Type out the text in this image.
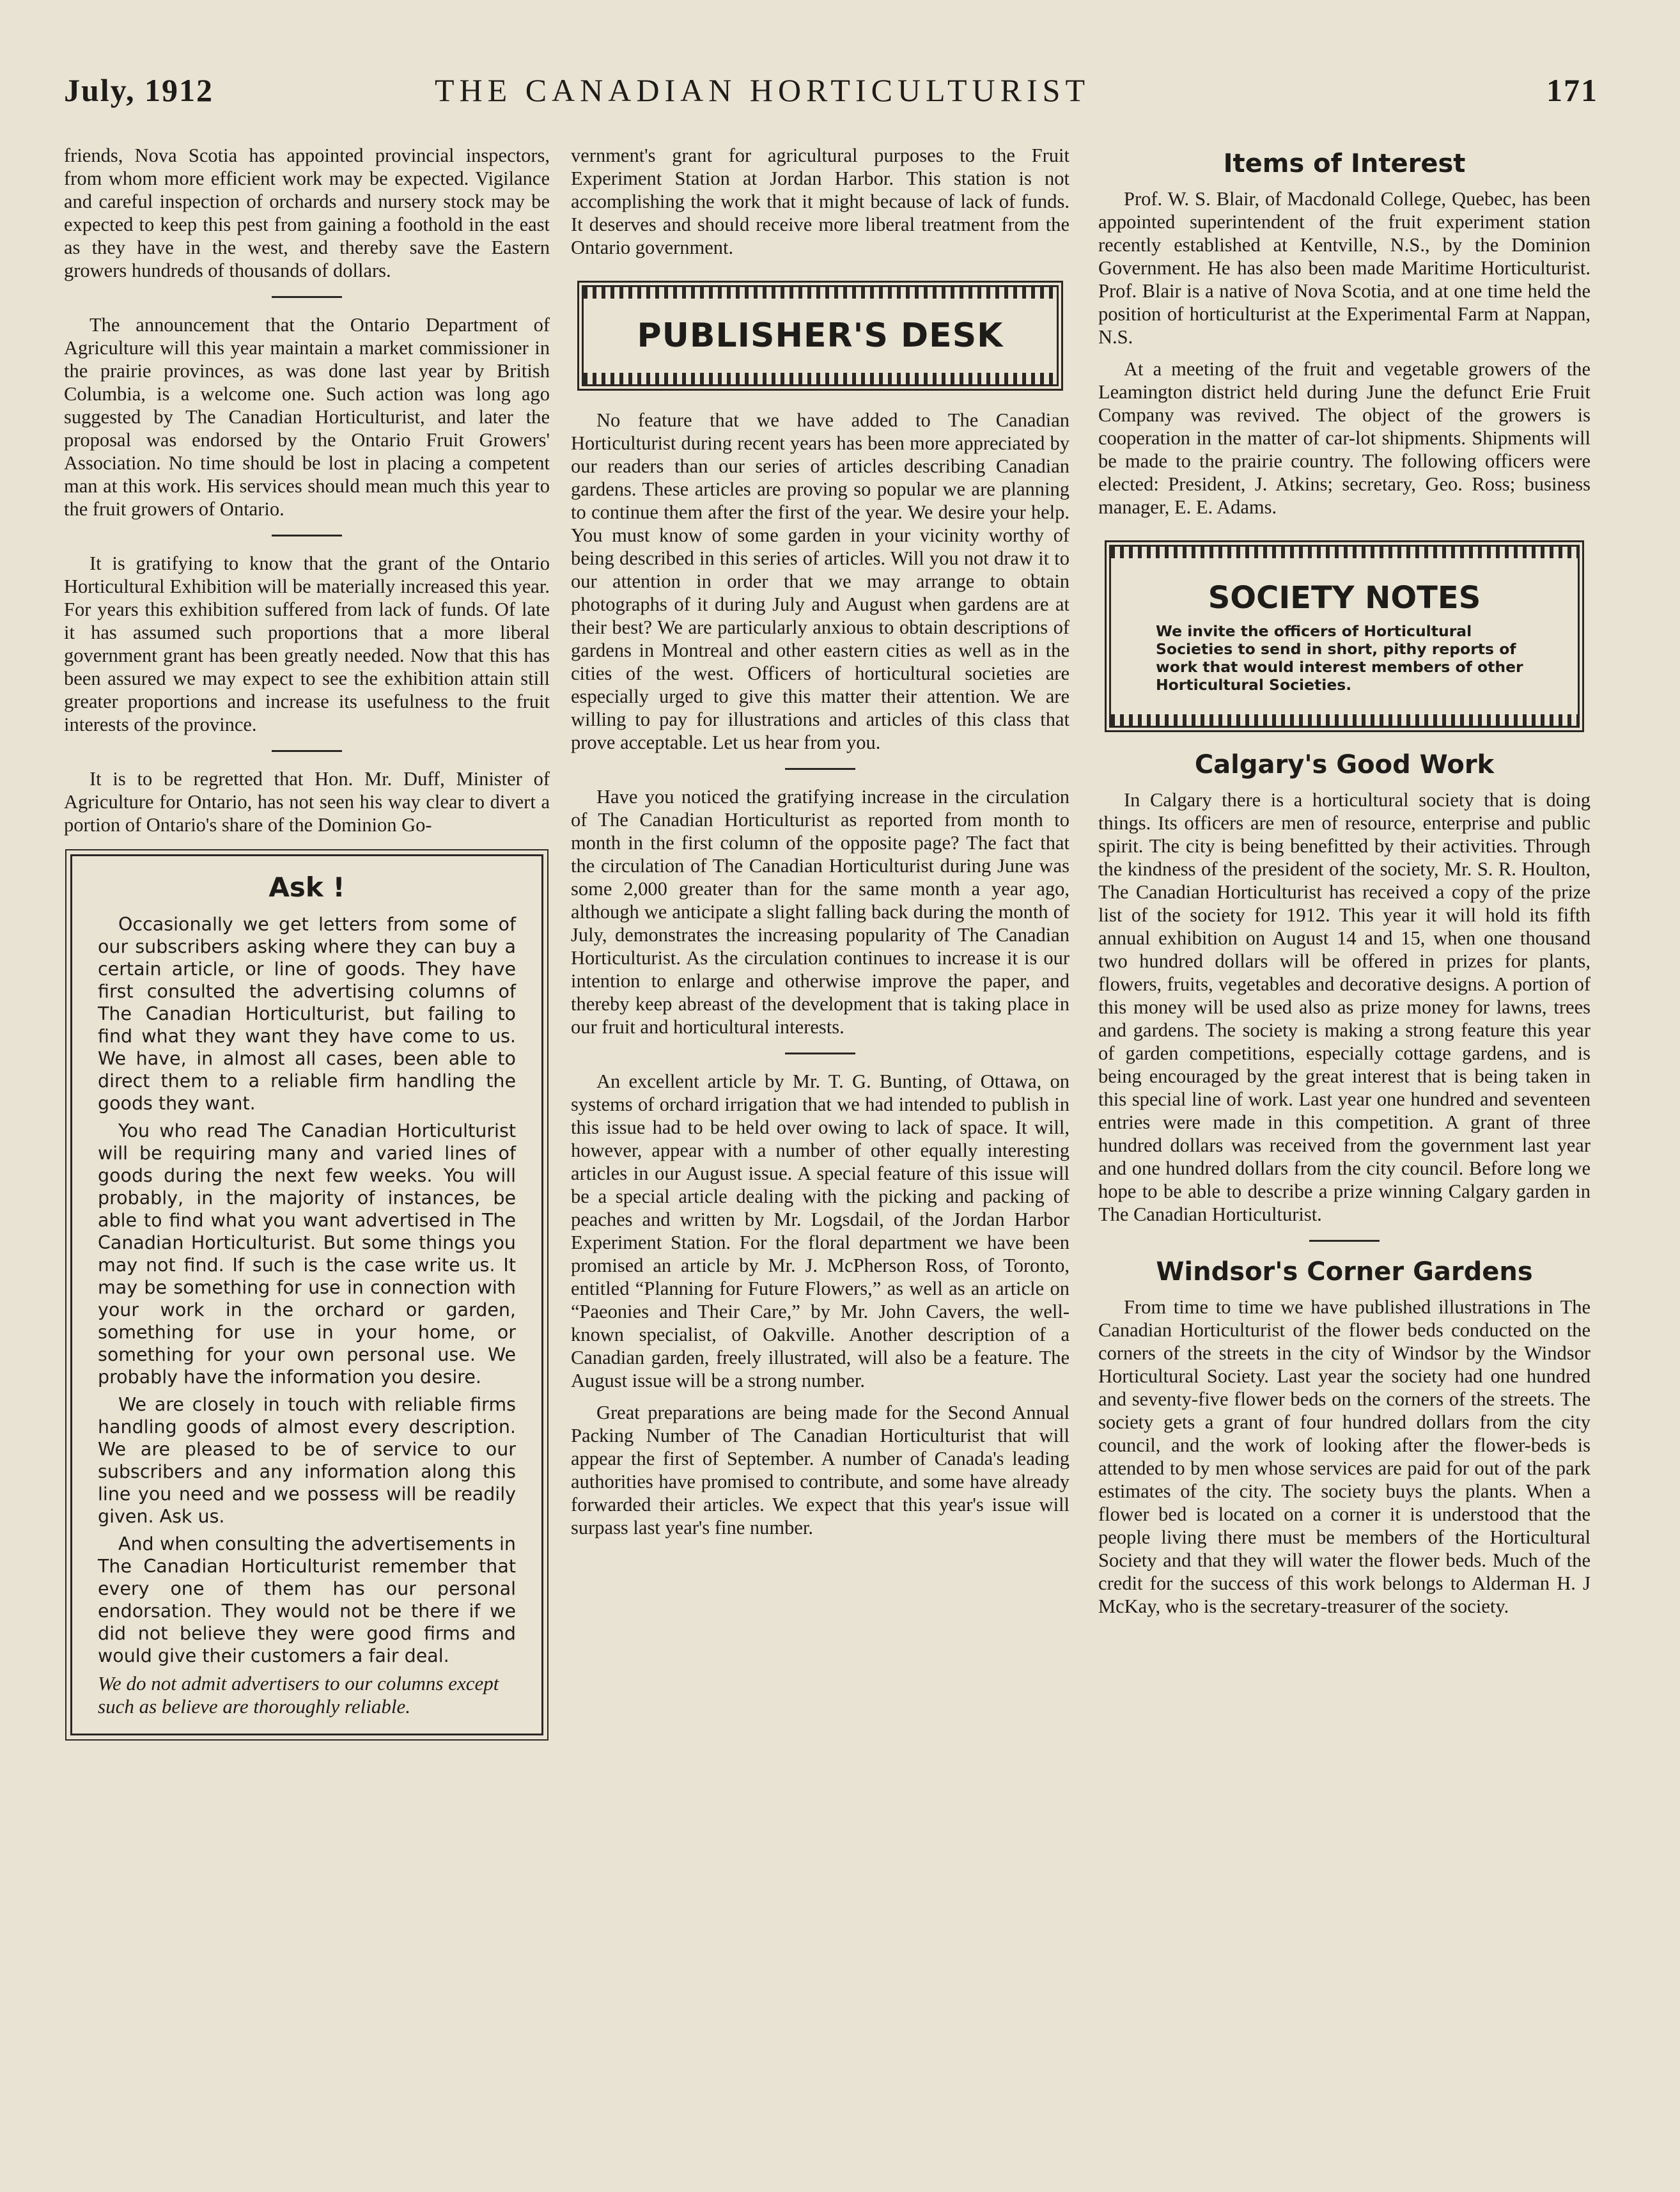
July, 1912	THE CANADIAN HORTICULTURIST	171

friends, Nova Scotia has appointed provincial inspectors, from whom more efficient work may be expected. Vigilance and careful inspection of orchards and nursery stock may be expected to keep this pest from gaining a foothold in the east as they have in the west, and thereby save the Eastern growers hundreds of thousands of dollars.

The announcement that the Ontario Department of Agriculture will this year maintain a market commissioner in the prairie provinces, as was done last year by British Columbia, is a welcome one. Such action was long ago suggested by The Canadian Horticulturist, and later the proposal was endorsed by the Ontario Fruit Growers' Association. No time should be lost in placing a competent man at this work. His services should mean much this year to the fruit growers of Ontario.

It is gratifying to know that the grant of the Ontario Horticultural Exhibition will be materially increased this year. For years this exhibition suffered from lack of funds. Of late it has assumed such proportions that a more liberal government grant has been greatly needed. Now that this has been assured we may expect to see the exhibition attain still greater proportions and increase its usefulness to the fruit interests of the province.

It is to be regretted that Hon. Mr. Duff, Minister of Agriculture for Ontario, has not seen his way clear to divert a portion of Ontario's share of the Dominion Go-

Ask !

Occasionally we get letters from some of our subscribers asking where they can buy a certain article, or line of goods. They have first consulted the advertising columns of The Canadian Horticulturist, but failing to find what they want they have come to us. We have, in almost all cases, been able to direct them to a reliable firm handling the goods they want.

You who read The Canadian Horticulturist will be requiring many and varied lines of goods during the next few weeks. You will probably, in the majority of instances, be able to find what you want advertised in The Canadian Horticulturist. But some things you may not find. If such is the case write us. It may be something for use in connection with your work in the orchard or garden, something for use in your home, or something for your own personal use. We probably have the information you desire.

We are closely in touch with reliable firms handling goods of almost every description. We are pleased to be of service to our subscribers and any information along this line you need and we possess will be readily given. Ask us.

And when consulting the advertisements in The Canadian Horticulturist remember that every one of them has our personal endorsation. They would not be there if we did not believe they were good firms and would give their customers a fair deal.

We do not admit advertisers to our columns except such as believe are thoroughly reliable.

vernment's grant for agricultural purposes to the Fruit Experiment Station at Jordan Harbor. This station is not accomplishing the work that it might because of lack of funds. It deserves and should receive more liberal treatment from the Ontario government.

PUBLISHER'S DESK

No feature that we have added to The Canadian Horticulturist during recent years has been more appreciated by our readers than our series of articles describing Canadian gardens. These articles are proving so popular we are planning to continue them after the first of the year. We desire your help. You must know of some garden in your vicinity worthy of being described in this series of articles. Will you not draw it to our attention in order that we may arrange to obtain photographs of it during July and August when gardens are at their best? We are particularly anxious to obtain descriptions of gardens in Montreal and other eastern cities as well as in the cities of the west. Officers of horticultural societies are especially urged to give this matter their attention. We are willing to pay for illustrations and articles of this class that prove acceptable. Let us hear from you.

Have you noticed the gratifying increase in the circulation of The Canadian Horticulturist as reported from month to month in the first column of the opposite page? The fact that the circulation of The Canadian Horticulturist during June was some 2,000 greater than for the same month a year ago, although we anticipate a slight falling back during the month of July, demonstrates the increasing popularity of The Canadian Horticulturist. As the circulation continues to increase it is our intention to enlarge and otherwise improve the paper, and thereby keep abreast of the development that is taking place in our fruit and horticultural interests.

An excellent article by Mr. T. G. Bunting, of Ottawa, on systems of orchard irrigation that we had intended to publish in this issue had to be held over owing to lack of space. It will, however, appear with a number of other equally interesting articles in our August issue. A special feature of this issue will be a special article dealing with the picking and packing of peaches and written by Mr. Logsdail, of the Jordan Harbor Experiment Station. For the floral department we have been promised an article by Mr. J. McPherson Ross, of Toronto, entitled “Planning for Future Flowers,” as well as an article on “Paeonies and Their Care,” by Mr. John Cavers, the well-known specialist, of Oakville. Another description of a Canadian garden, freely illustrated, will also be a feature. The August issue will be a strong number.

Great preparations are being made for the Second Annual Packing Number of The Canadian Horticulturist that will appear the first of September. A number of Canada's leading authorities have promised to contribute, and some have already forwarded their articles. We expect that this year's issue will surpass last year's fine number.

Items of Interest

Prof. W. S. Blair, of Macdonald College, Quebec, has been appointed superintendent of the fruit experiment station recently established at Kentville, N.S., by the Dominion Government. He has also been made Maritime Horticulturist. Prof. Blair is a native of Nova Scotia, and at one time held the position of horticulturist at the Experimental Farm at Nappan, N.S.

At a meeting of the fruit and vegetable growers of the Leamington district held during June the defunct Erie Fruit Company was revived. The object of the growers is cooperation in the matter of car-lot shipments. Shipments will be made to the prairie country. The following officers were elected: President, J. Atkins; secretary, Geo. Ross; business manager, E. E. Adams.

SOCIETY NOTES
We invite the officers of Horticultural Societies to send in short, pithy reports of work that would interest members of other Horticultural Societies.
Calgary's Good Work

In Calgary there is a horticultural society that is doing things. Its officers are men of resource, enterprise and public spirit. The city is being benefitted by their activities. Through the kindness of the president of the society, Mr. S. R. Houlton, The Canadian Horticulturist has received a copy of the prize list of the society for 1912. This year it will hold its fifth annual exhibition on August 14 and 15, when one thousand two hundred dollars will be offered in prizes for plants, flowers, fruits, vegetables and decorative designs. A portion of this money will be used also as prize money for lawns, trees and gardens. The society is making a strong feature this year of garden competitions, especially cottage gardens, and is being encouraged by the great interest that is being taken in this special line of work. Last year one hundred and seventeen entries were made in this competition. A grant of three hundred dollars was received from the government last year and one hundred dollars from the city council. Before long we hope to be able to describe a prize winning Calgary garden in The Canadian Horticulturist.

Windsor's Corner Gardens

From time to time we have published illustrations in The Canadian Horticulturist of the flower beds conducted on the corners of the streets in the city of Windsor by the Windsor Horticultural Society. Last year the society had one hundred and seventy-five flower beds on the corners of the streets. The society gets a grant of four hundred dollars from the city council, and the work of looking after the flower-beds is attended to by men whose services are paid for out of the park estimates of the city. The society buys the plants. When a flower bed is located on a corner it is understood that the people living there must be members of the Horticultural Society and that they will water the flower beds. Much of the credit for the success of this work belongs to Alderman H. J McKay, who is the secretary-treasurer of the society.
